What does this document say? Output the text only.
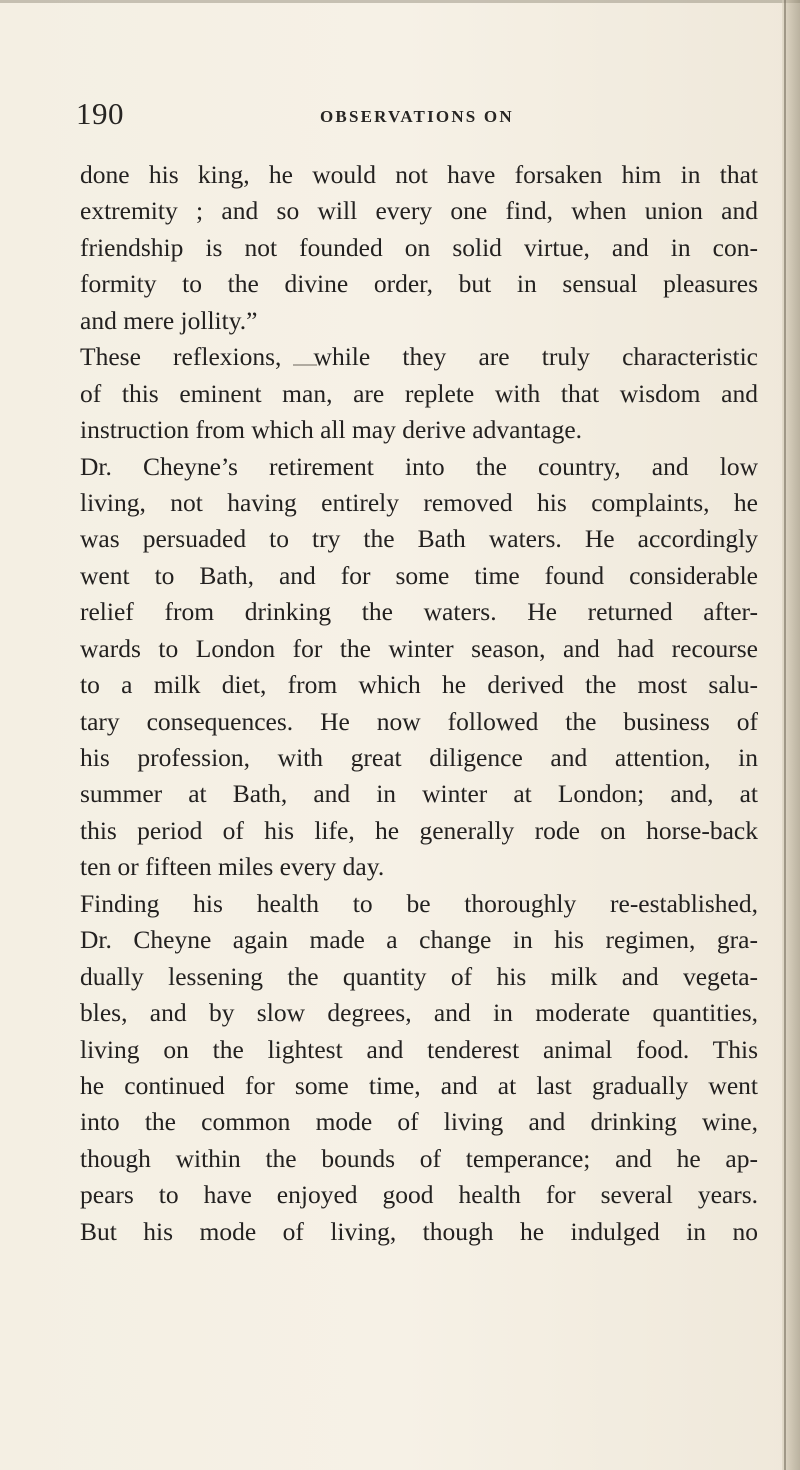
190	OBSERVATIONS ON
done his king, he would not have forsaken him in that
extremity ; and so will every one find, when union and
friendship is not founded on solid virtue, and in con-
formity to the divine order, but in sensual pleasures
and mere jollity.”
These reflexions, while they are truly characteristic
of this eminent man, are replete with that wisdom and
instruction from which all may derive advantage.
Dr. Cheyne’s retirement into the country, and low
living, not having entirely removed his complaints, he
was persuaded to try the Bath waters. He accordingly
went to Bath, and for some time found considerable
relief from drinking the waters. He returned after-
wards to London for the winter season, and had recourse
to a milk diet, from which he derived the most salu-
tary consequences. He now followed the business of
his profession, with great diligence and attention, in
summer at Bath, and in winter at London; and, at
this period of his life, he generally rode on horse-back
ten or fifteen miles every day.
Finding his health to be thoroughly re-established,
Dr. Cheyne again made a change in his regimen, gra-
dually lessening the quantity of his milk and vegeta-
bles, and by slow degrees, and in moderate quantities,
living on the lightest and tenderest animal food. This
he continued for some time, and at last gradually went
into the common mode of living and drinking wine,
though within the bounds of temperance; and he ap-
pears to have enjoyed good health for several years.
But his mode of living, though he indulged in no
